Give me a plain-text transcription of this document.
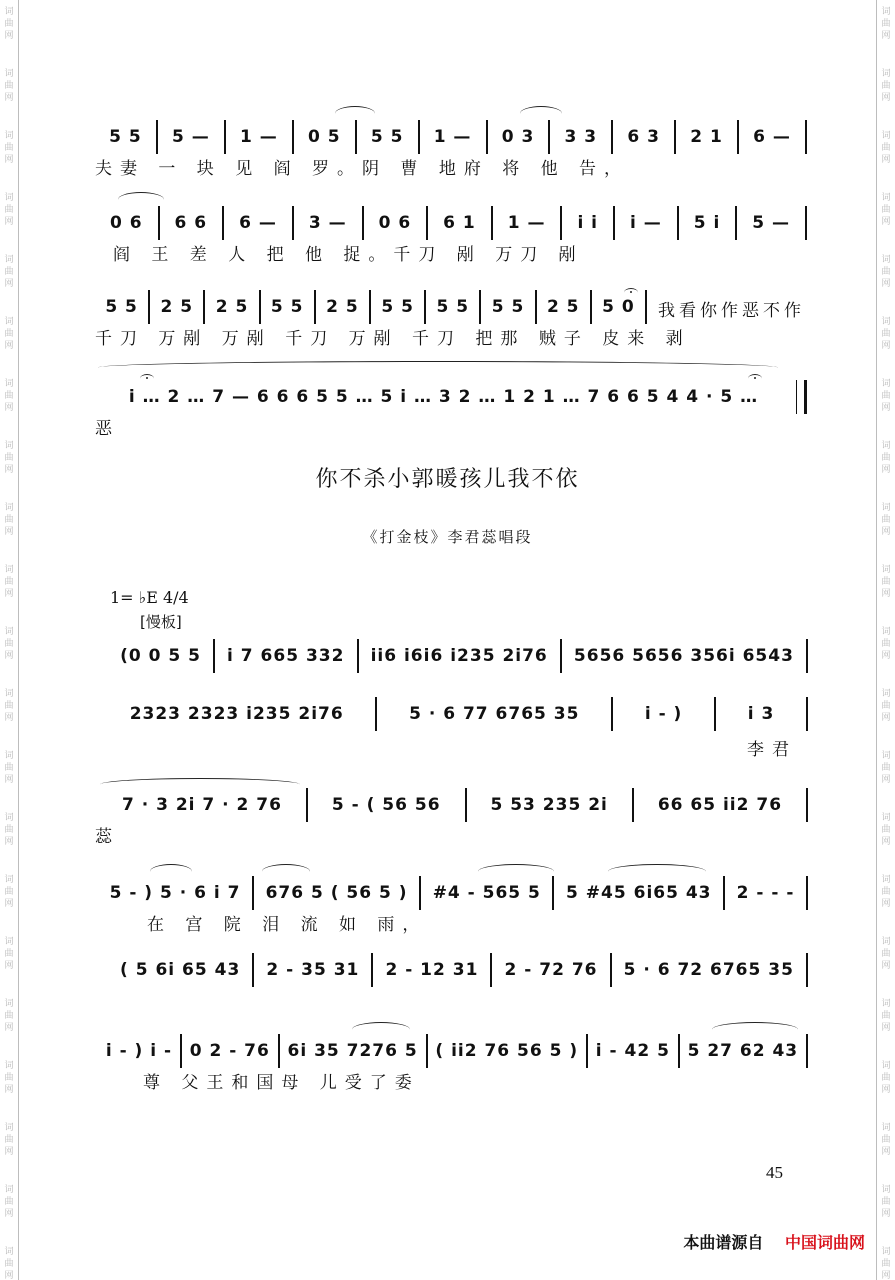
词
曲
网
词
曲
网
词
曲
网
词
曲
网
词
曲
网
词
曲
网
词
曲
网
词
曲
网
词
曲
网
词
曲
网
词
曲
网
词
曲
网
词
曲
网
词
曲
网
词
曲
网
词
曲
网
词
曲
网
词
曲
网
词
曲
网
词
曲
网
词
曲
网
词
曲
网
词
曲
网
词
曲
网
词
曲
网
词
曲
网
词
曲
网
词
曲
网
词
曲
网
词
曲
网
词
曲
网
词
曲
网
词
曲
网
词
曲
网
词
曲
网
词
曲
网
词
曲
网
词
曲
网
词
曲
网
词
曲
网
词
曲
网
词
曲
网
5 5	5 —	1 —	0 5	5 5	1 —	0 3	3 3	6 3	2 1	6 —
夫妻 一 块 见 阎 罗。阴 曹 地府 将 他 告，
0 6	6 6	6 —	3 —	0 6	6 1	1 —	i i	i —	5 i	5 —
阎 王 差 人 把 他 捉。千刀 剐 万刀 剐
5 5	2 5	2 5	5 5	2 5	5 5	5 5	5 5	2 5	5 0	我看你作恶不作
千刀 万剐 万剐 千刀 万剐 千刀 把那 贼子 皮来 剥
i … 2 … 7 — 6 6 6 5 5 … 5 i … 3 2 … 1 2 1 … 7 6 6 5 4 4 · 5 …
恶
你不杀小郭暖孩儿我不依
《打金枝》李君蕊唱段
1= ♭E 4/4
[慢板]
(0 0 5 5	i 7 665 332	ii6 i6i6 i235 2i76	5656 5656 356i 6543
2323 2323 i235 2i76	5 · 6 77 6765 35	i - )	i 3
李君
7 · 3 2i 7 · 2 76	5 - ( 56 56	5 53 235 2i	66 65 ii2 76
蕊
5 - ) 5 · 6 i 7	676 5 ( 56 5 )	#4 - 565 5	5 #45 6i65 43	2 - - -
在 宫 院 泪 流 如 雨，
( 5 6i 65 43	2 - 35 31	2 - 12 31	2 - 72 76	5 · 6 72 6765 35
i - ) i -	0 2 - 76	6i 35 7276 5	( ii2 76 56 5 )	i - 42 5	5 27 62 43
尊 父王和国母 儿受了委
45
本曲谱源自 中国词曲网
